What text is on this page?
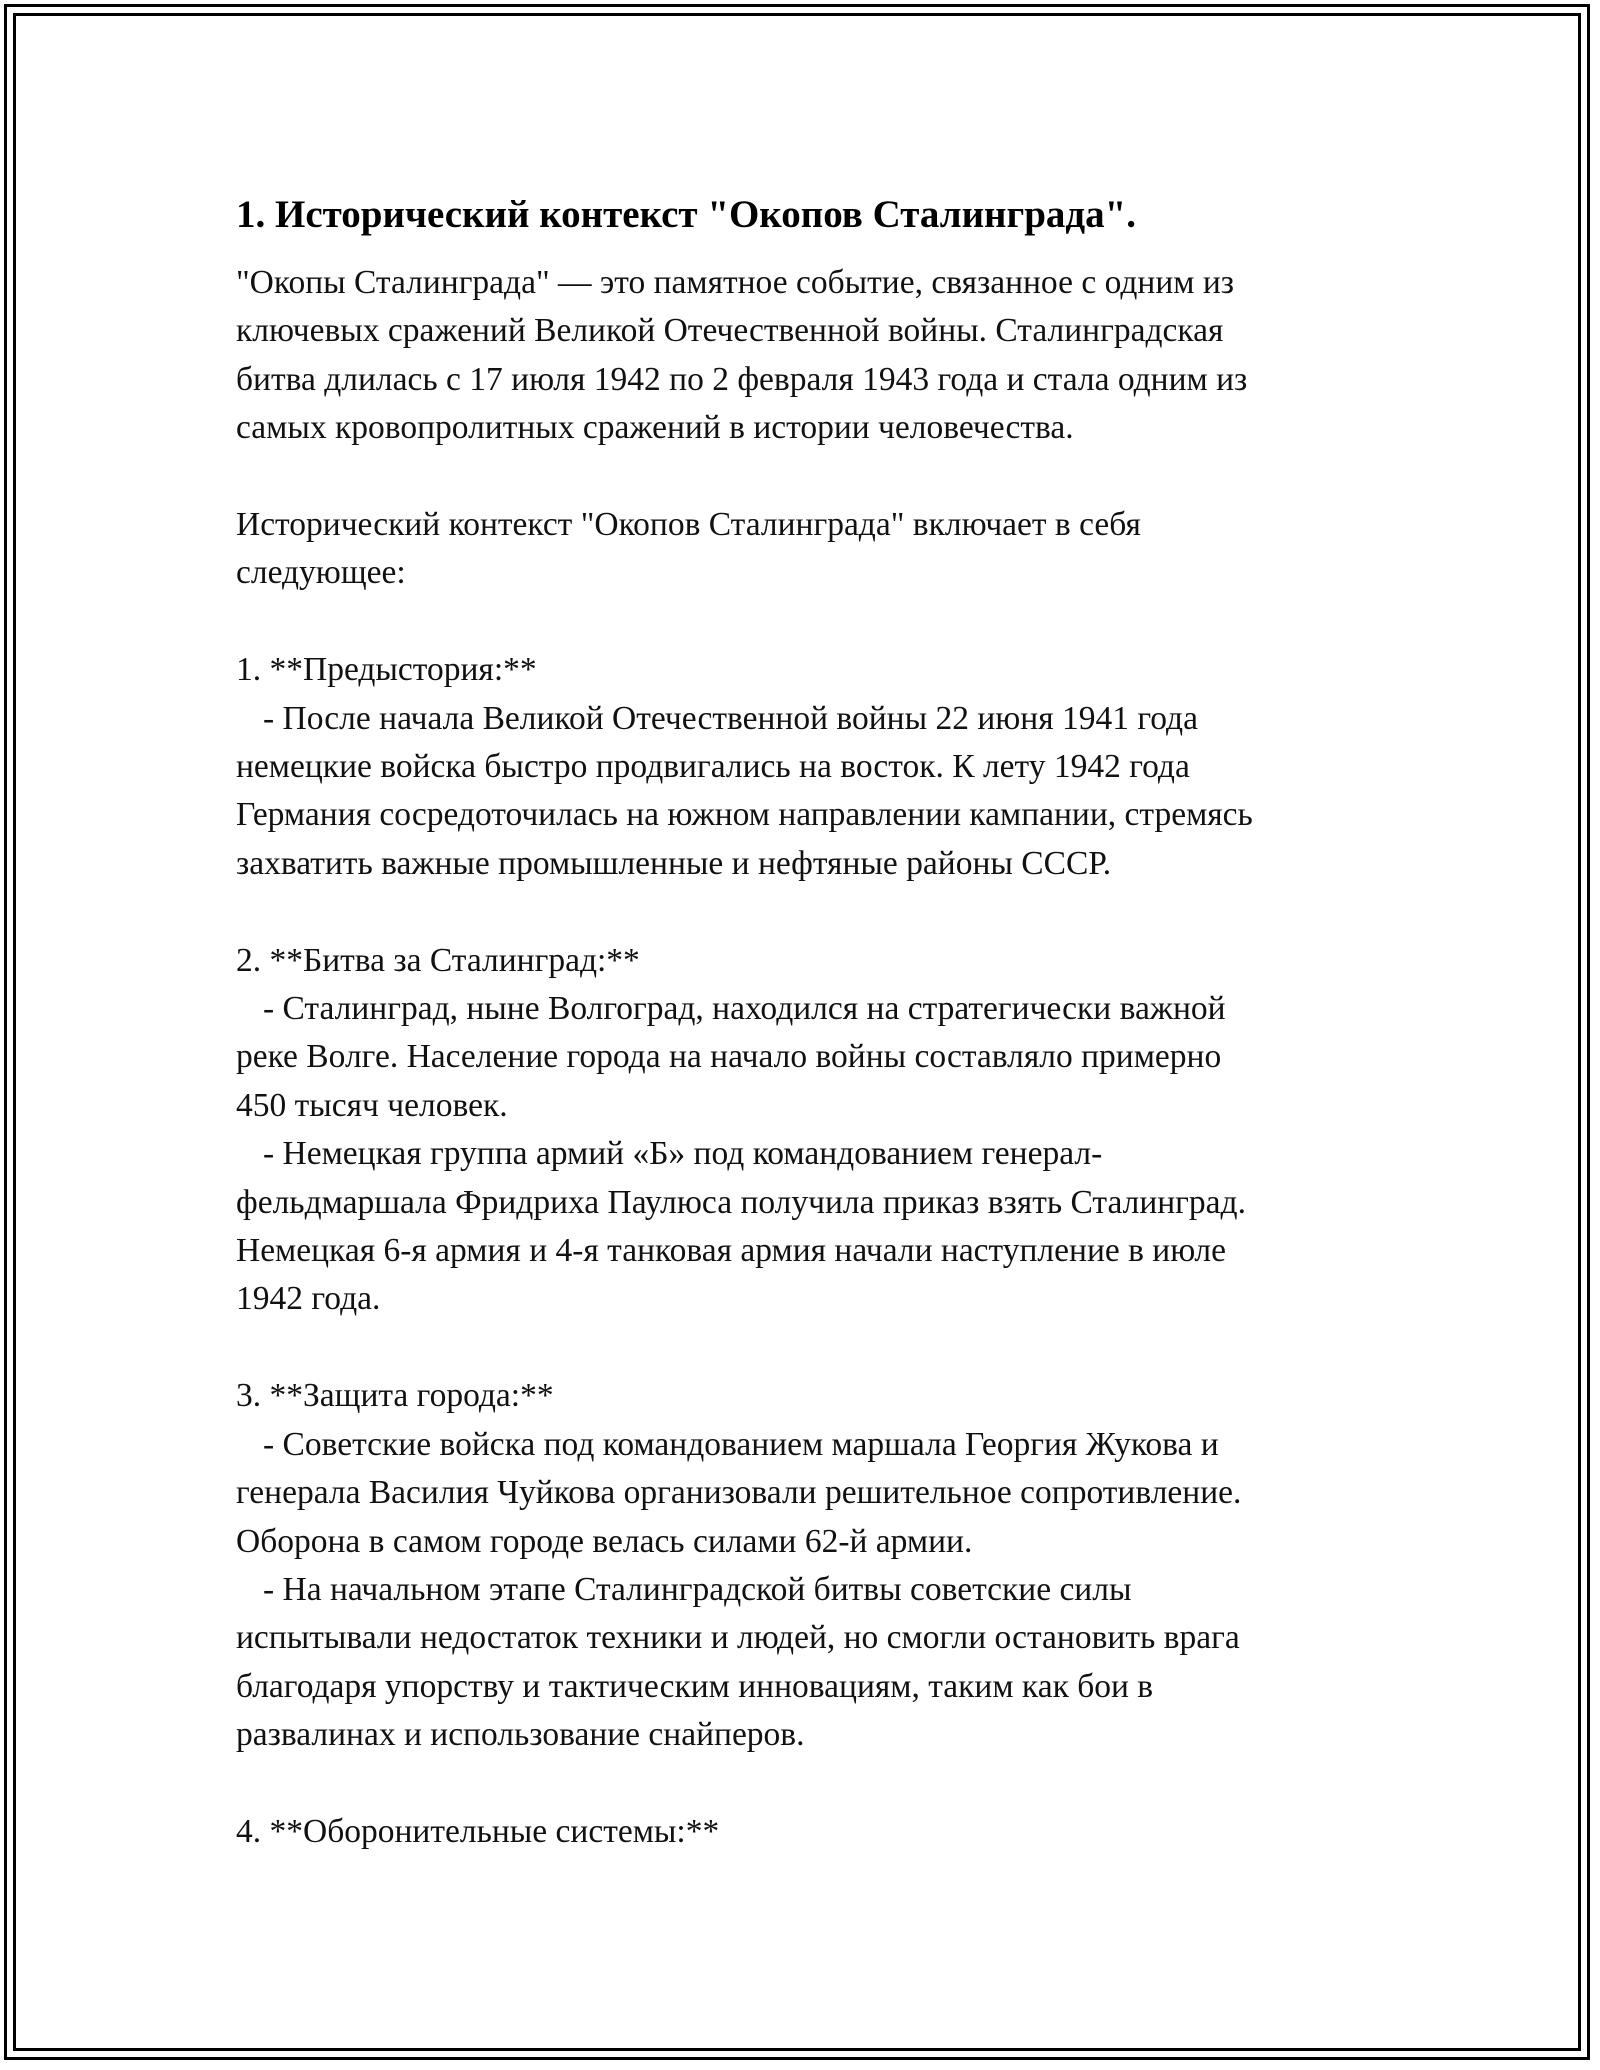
1. Исторический контекст "Окопов Сталинграда".
"Окопы Сталинграда" — это памятное событие, связанное с одним из
ключевых сражений Великой Отечественной войны. Сталинградская
битва длилась с 17 июля 1942 по 2 февраля 1943 года и стала одним из
самых кровопролитных сражений в истории человечества.
Исторический контекст "Окопов Сталинграда" включает в себя
следующее:
1. **Предыстория:**
- После начала Великой Отечественной войны 22 июня 1941 года
немецкие войска быстро продвигались на восток. К лету 1942 года
Германия сосредоточилась на южном направлении кампании, стремясь
захватить важные промышленные и нефтяные районы СССР.
2. **Битва за Сталинград:**
- Сталинград, ныне Волгоград, находился на стратегически важной
реке Волге. Население города на начало войны составляло примерно
450 тысяч человек.
- Немецкая группа армий «Б» под командованием генерал-
фельдмаршала Фридриха Паулюса получила приказ взять Сталинград.
Немецкая 6-я армия и 4-я танковая армия начали наступление в июле
1942 года.
3. **Защита города:**
- Советские войска под командованием маршала Георгия Жукова и
генерала Василия Чуйкова организовали решительное сопротивление.
Оборона в самом городе велась силами 62-й армии.
- На начальном этапе Сталинградской битвы советские силы
испытывали недостаток техники и людей, но смогли остановить врага
благодаря упорству и тактическим инновациям, таким как бои в
развалинах и использование снайперов.
4. **Оборонительные системы:**
